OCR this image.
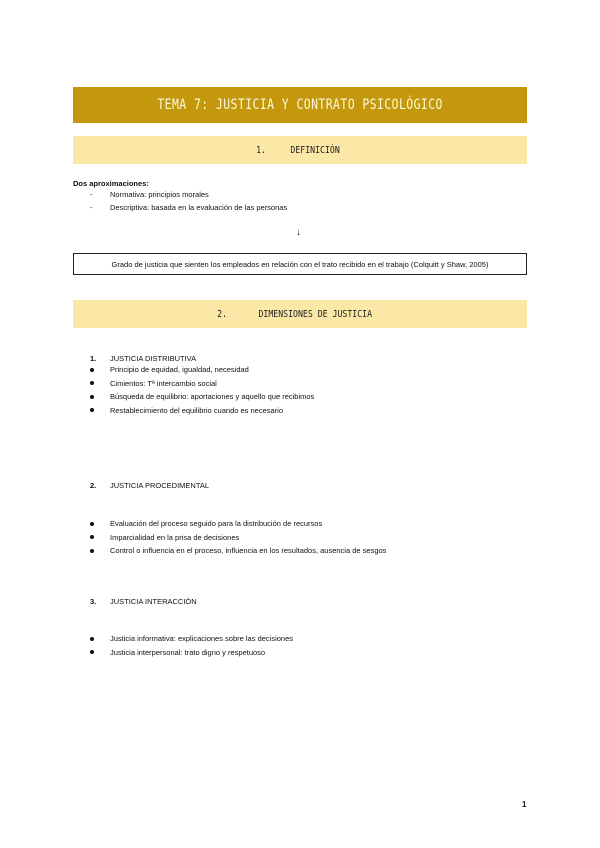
TEMA 7: JUSTICIA Y CONTRATO PSICOLÓGICO
1. DEFINICIÓN
Dos aproximaciones:
-	Normativa: principios morales
-	Descriptiva: basada en la evaluación de las personas
↓
Grado de justicia que sienten los empleados en relación con el trato recibido en el trabajo (Colquitt y Shaw, 2005)
2.	DIMENSIONES DE JUSTICIA
1.	JUSTICIA DISTRIBUTIVA
Principio de equidad, igualdad, necesidad
Cimientos: Tª intercambio social
Búsqueda de equilibrio: aportaciones y aquello que recibimos
Restablecimiento del equilibrio cuando es necesario
2.	JUSTICIA PROCEDIMENTAL
Evaluación del proceso seguido para la distribución de recursos
Imparcialidad en la prisa de decisiones
Control o influencia en el proceso, influencia en los resultados, ausencia de sesgos
3.	JUSTICIA INTERACCIÓN
Justicia informativa: explicaciones sobre las decisiones
Justicia interpersonal: trato digno y respetuoso
1
